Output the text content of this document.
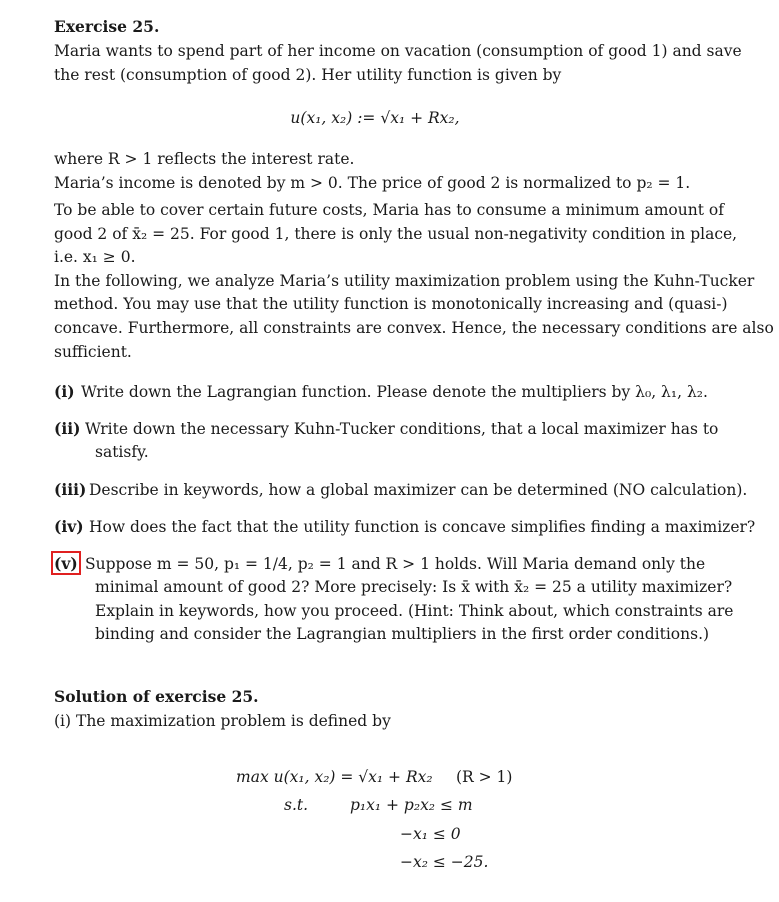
Exercise 25.
Maria wants to spend part of her income on vacation (consumption of good 1) and save
the rest (consumption of good 2). Her utility function is given by
u(x₁, x₂) := √x₁ + Rx₂,
where R > 1 reflects the interest rate.
Maria’s income is denoted by m > 0. The price of good 2 is normalized to p₂ = 1.
To be able to cover certain future costs, Maria has to consume a minimum amount of
good 2 of x̄₂ = 25. For good 1, there is only the usual non-negativity condition in place,
i.e. x₁ ≥ 0.
In the following, we analyze Maria’s utility maximization problem using the Kuhn-Tucker
method. You may use that the utility function is monotonically increasing and (quasi-)
concave. Furthermore, all constraints are convex. Hence, the necessary conditions are also
sufficient.
(i) Write down the Lagrangian function. Please denote the multipliers by λ₀, λ₁, λ₂.
(ii) Write down the necessary Kuhn-Tucker conditions, that a local maximizer has to
satisfy.
(iii) Describe in keywords, how a global maximizer can be determined (NO calculation).
(iv) How does the fact that the utility function is concave simplifies finding a maximizer?
(v) Suppose m = 50, p₁ = 1/4, p₂ = 1 and R > 1 holds. Will Maria demand only the
minimal amount of good 2? More precisely: Is x̄ with x̄₂ = 25 a utility maximizer?
Explain in keywords, how you proceed. (Hint: Think about, which constraints are
binding and consider the Lagrangian multipliers in the first order conditions.)
Solution of exercise 25.
(i) The maximization problem is defined by
max u(x₁, x₂) = √x₁ + Rx₂ (R > 1)
s.t.	p₁x₁ + p₂x₂ ≤ m
−x₁ ≤ 0
−x₂ ≤ −25.
